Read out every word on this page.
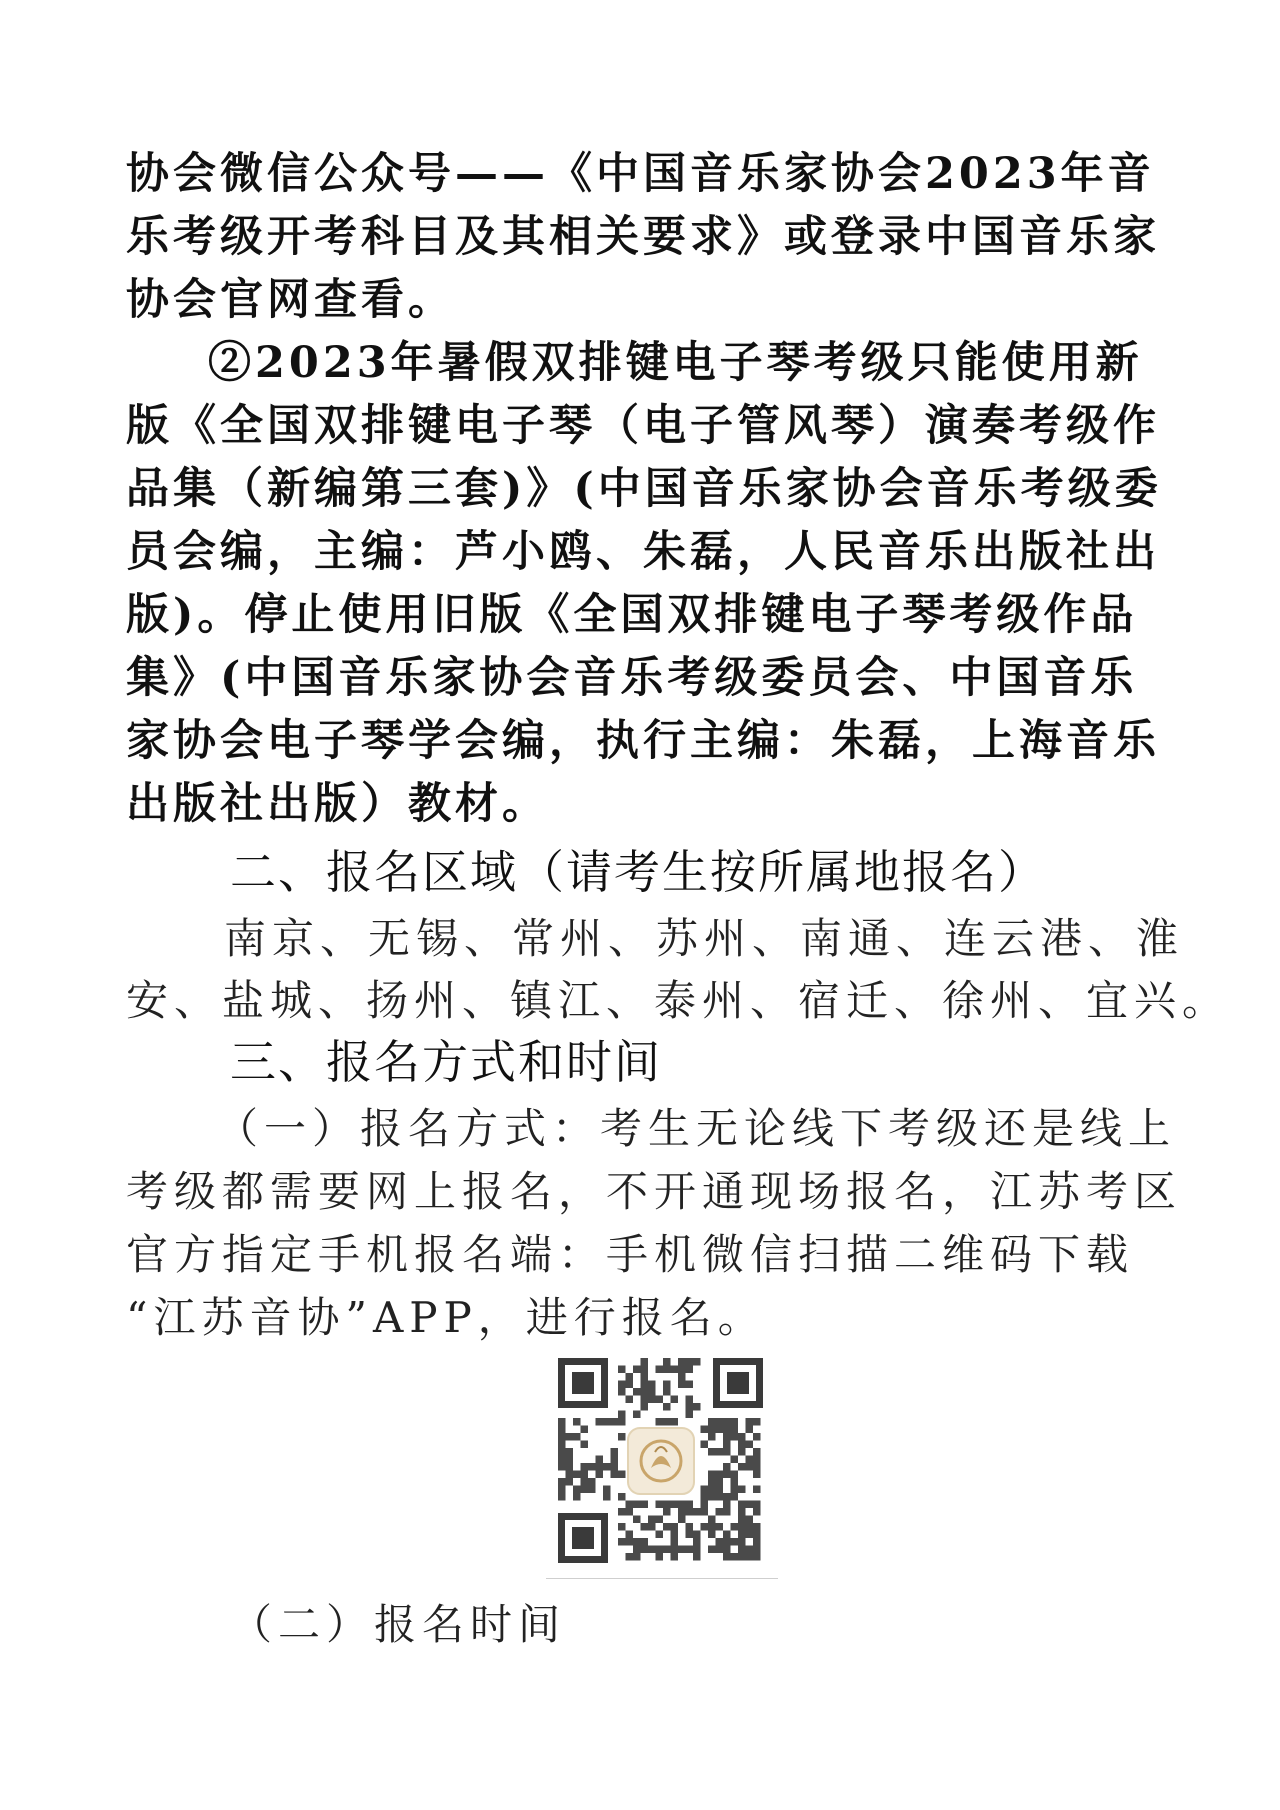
协会微信公众号——《中国音乐家协会2023年音
乐考级开考科目及其相关要求》或登录中国音乐家
协会官网查看。
②2023年暑假双排键电子琴考级只能使用新
版《全国双排键电子琴（电子管风琴）演奏考级作
品集（新编第三套)》(中国音乐家协会音乐考级委
员会编，主编：芦小鸥、朱磊，人民音乐出版社出
版)。停止使用旧版《全国双排键电子琴考级作品
集》(中国音乐家协会音乐考级委员会、中国音乐
家协会电子琴学会编，执行主编：朱磊，上海音乐
出版社出版）教材。
二、报名区域（请考生按所属地报名）
南京、无锡、常州、苏州、南通、连云港、淮
安、盐城、扬州、镇江、泰州、宿迁、徐州、宜兴。
三、报名方式和时间
（一）报名方式：考生无论线下考级还是线上
考级都需要网上报名，不开通现场报名，江苏考区
官方指定手机报名端：手机微信扫描二维码下载
“江苏音协”APP，进行报名。
（二）报名时间
